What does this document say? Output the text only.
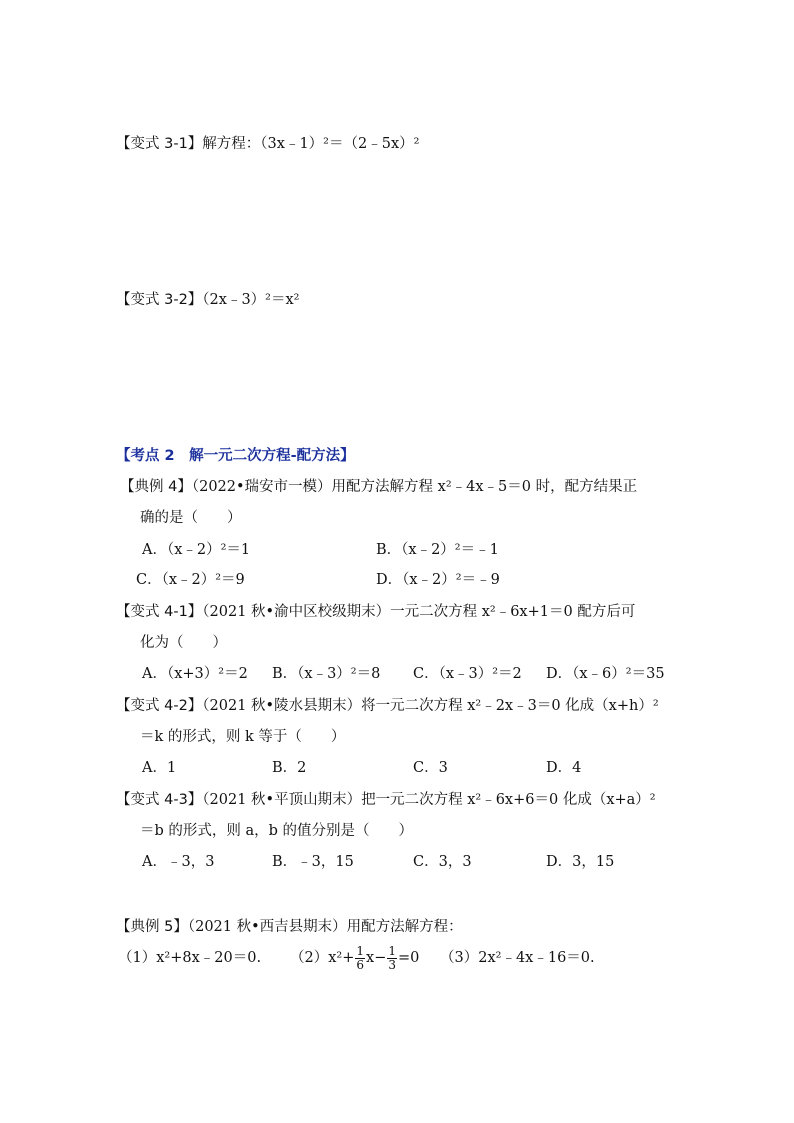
【变式 3-1】解方程：（3x﹣1）²＝（2﹣5x）²
【变式 3-2】（2x﹣3）²＝x²
【考点 2　解一元二次方程-配方法】
【典例 4】（2022•瑞安市一模）用配方法解方程 x²﹣4x﹣5＝0 时，配方结果正
确的是（　　）
A．（x﹣2）²＝1	B．（x﹣2）²＝﹣1
C．（x﹣2）²＝9	D．（x﹣2）²＝﹣9
【变式 4-1】（2021 秋•渝中区校级期末）一元二次方程 x²﹣6x+1＝0 配方后可
化为（　　）
A．（x+3）²＝2 B．（x﹣3）²＝8 C．（x﹣3）²＝2 D．（x﹣6）²＝35
【变式 4-2】（2021 秋•陵水县期末）将一元二次方程 x²﹣2x﹣3＝0 化成（x+h）²
＝k 的形式，则 k 等于（　　）
A．1	B．2	C．3	D．4
【变式 4-3】（2021 秋•平顶山期末）把一元二次方程 x²﹣6x+6＝0 化成（x+a）²
＝b 的形式，则 a，b 的值分别是（　　）
A．﹣3，3	B．﹣3，15	C．3，3	D．3，15
【典例 5】（2021 秋•西吉县期末）用配方法解方程：
（1）x²+8x﹣20＝0. $(2)x^2+ \frac{1}{6} x- \frac{1}{3} =0$ （3）2x²﹣4x﹣16＝0.
